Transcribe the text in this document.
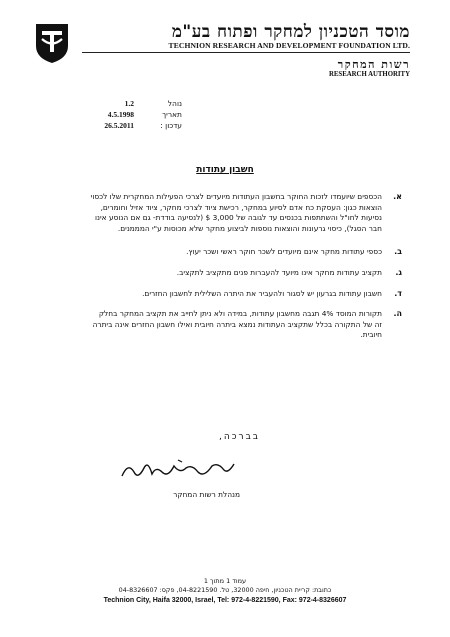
מוסד הטכניון למחקר ופתוח בע"מ
TECHNION RESEARCH AND DEVELOPMENT FOUNDATION LTD.
רשות המחקר
RESEARCH AUTHORITY
נוהל
1.2
תאריך
4.5.1998
עדכון :
26.5.2011
חשבון עתודות
א.
הכספים שיועמדו לזכות החוקר בחשבון העתודות מיועדים לצרכי הפעילות המחקרית שלו לכסוי הוצאות כגון: העסקת כח אדם לסיוע במחקר, רכישת ציוד לצרכי מחקר, ציוד אזיל וחומרים, נסיעות לחו"ל והשתתפות בכנסים עד לגובה של 3,000 $ (לנסיעה בודדת- גם אם הנוסע אינו חבר הסגל), כיסוי גרעונות והוצאות נוספות לביצוע מחקר שלא מכוסות ע"י המממנים.
ב.
כספי עתודות מחקר אינם מיועדים לשכר חוקר ראשי ושכר יעוץ.
ג.
תקציב עתודות מחקר אינו מיועד להעברות פנים מתקציב לתקציב.
ד.
חשבון עתודות בגרעון יש לסגור ולהעביר את היתרה השלילית לחשבון החזרים.
ה.
תקורות המוסד 4% תגבה מחשבון עתודות, במידה ולא ניתן לחייב את תקציב המחקר בחלק זה של התקורה בכלל שתקציב העתודות נמצא ביתרה חיובית ואילו חשבון החזרים אינה ביתרה חיובית.
בברכה,
מנהלת רשות המחקר
עמוד 1 מתוך 1
כתובת: קריית הטכניון, חיפה 32000, טל. 04-8221590, פקס: 04-8326607
Technion City, Haifa 32000, Israel, Tel: 972-4-8221590, Fax: 972-4-8326607
